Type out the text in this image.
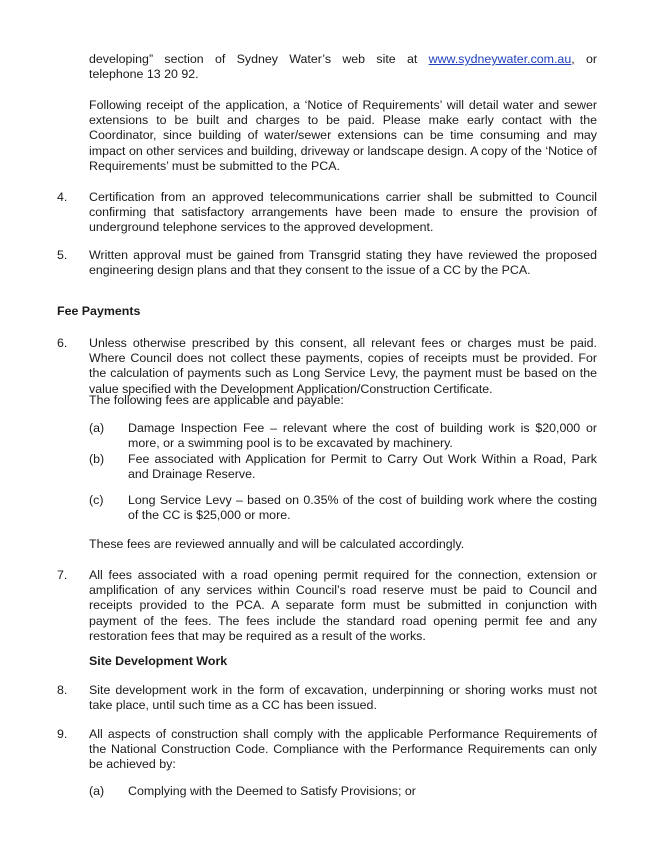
developing” section of Sydney Water’s web site at www.sydneywater.com.au, or
telephone 13 20 92.
Following receipt of the application, a ‘Notice of Requirements’ will detail water and sewer extensions to be built and charges to be paid. Please make early contact with the Coordinator, since building of water/sewer extensions can be time consuming and may impact on other services and building, driveway or landscape design. A copy of the ‘Notice of Requirements’ must be submitted to the PCA.
4. Certification from an approved telecommunications carrier shall be submitted to Council confirming that satisfactory arrangements have been made to ensure the provision of underground telephone services to the approved development.
5. Written approval must be gained from Transgrid stating they have reviewed the proposed engineering design plans and that they consent to the issue of a CC by the PCA.
Fee Payments
6. Unless otherwise prescribed by this consent, all relevant fees or charges must be paid. Where Council does not collect these payments, copies of receipts must be provided. For the calculation of payments such as Long Service Levy, the payment must be based on the value specified with the Development Application/Construction Certificate.
The following fees are applicable and payable:
(a) Damage Inspection Fee – relevant where the cost of building work is $20,000 or more, or a swimming pool is to be excavated by machinery.
(b) Fee associated with Application for Permit to Carry Out Work Within a Road, Park and Drainage Reserve.
(c) Long Service Levy – based on 0.35% of the cost of building work where the costing of the CC is $25,000 or more.
These fees are reviewed annually and will be calculated accordingly.
7. All fees associated with a road opening permit required for the connection, extension or amplification of any services within Council’s road reserve must be paid to Council and receipts provided to the PCA. A separate form must be submitted in conjunction with payment of the fees. The fees include the standard road opening permit fee and any restoration fees that may be required as a result of the works.
Site Development Work
8. Site development work in the form of excavation, underpinning or shoring works must not take place, until such time as a CC has been issued.
9. All aspects of construction shall comply with the applicable Performance Requirements of the National Construction Code. Compliance with the Performance Requirements can only be achieved by:
(a) Complying with the Deemed to Satisfy Provisions; or
